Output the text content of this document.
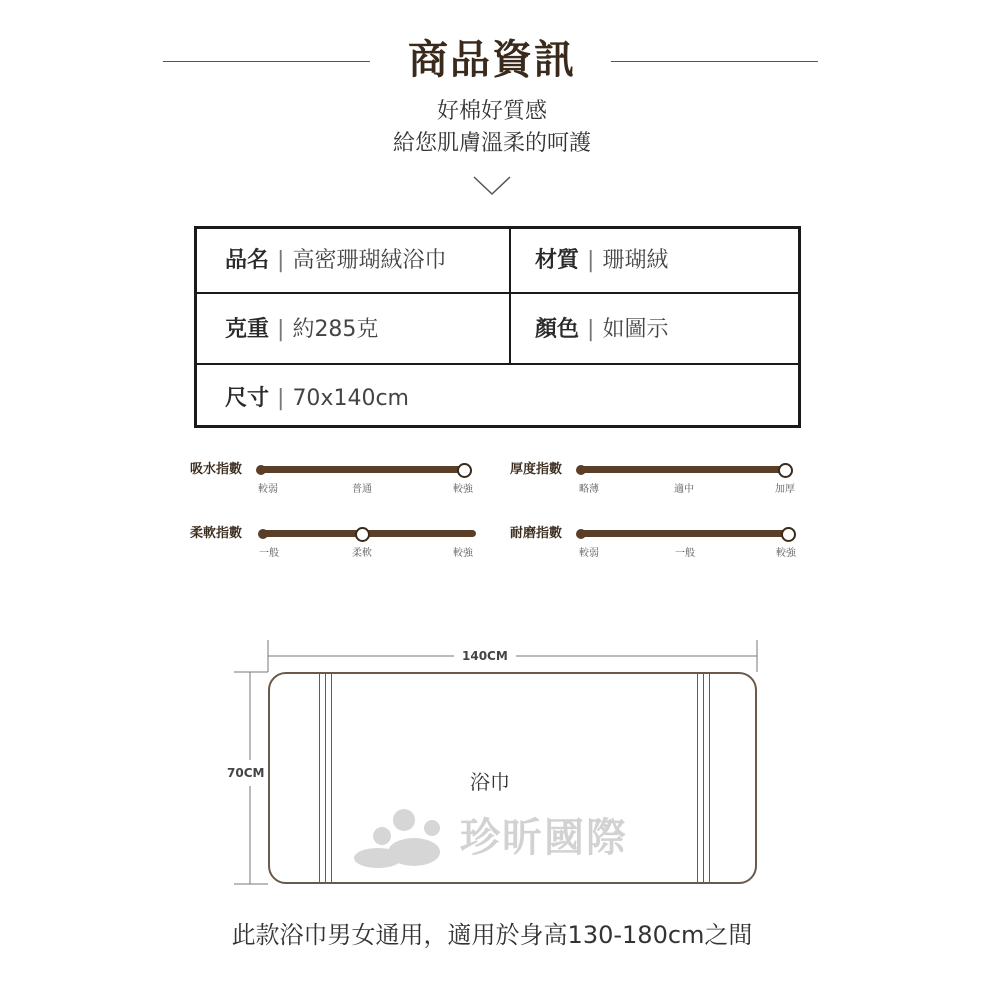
商品資訊
好棉好質感
給您肌膚溫柔的呵護
品名 | 高密珊瑚絨浴巾	材質 | 珊瑚絨
克重 | 約285克	顏色 | 如圖示
尺寸 | 70x140cm
吸水指數
較弱	普通	較強
厚度指數
略薄	適中	加厚
柔軟指數
一般	柔軟	較強
耐磨指數
較弱	一般	較強
140CM
70CM	浴巾
珍昕國際
此款浴巾男女通用，適用於身高130-180cm之間
